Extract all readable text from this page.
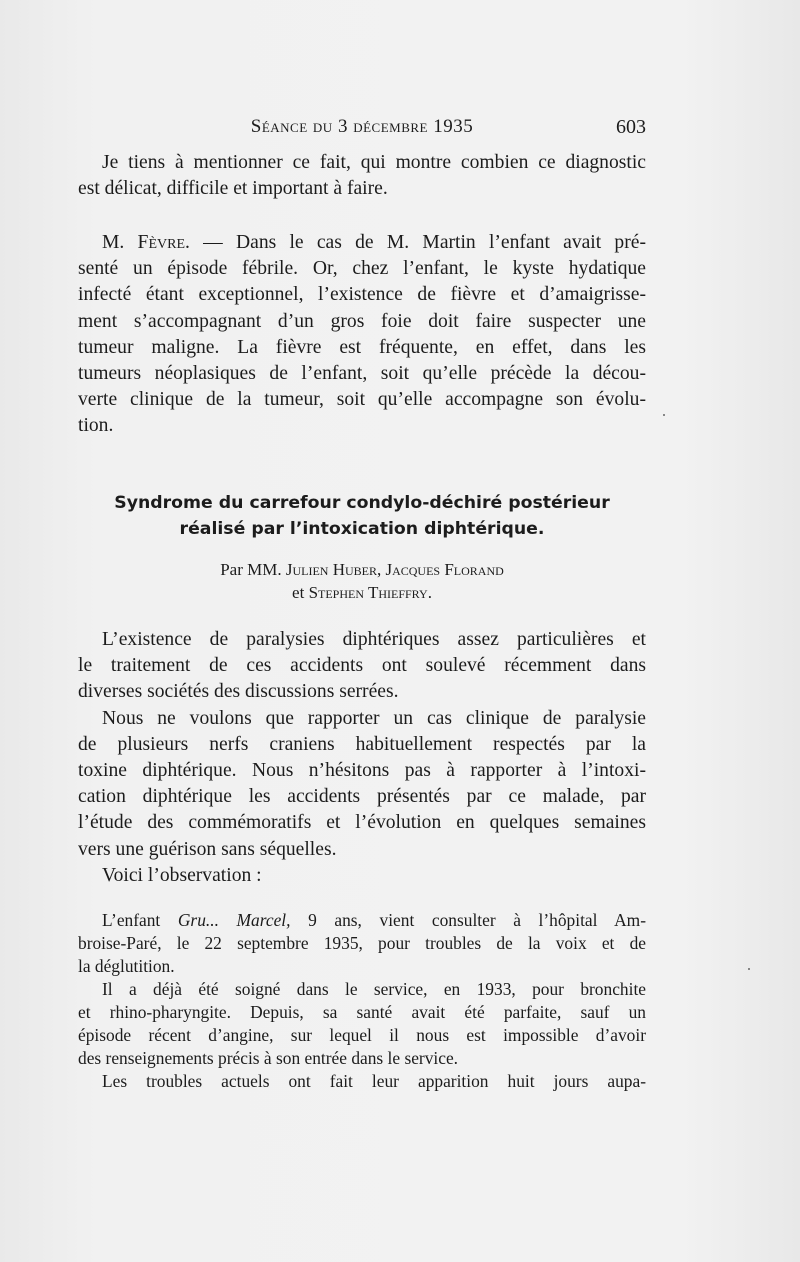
Séance du 3 décembre 1935	603
Je tiens à mentionner ce fait, qui montre combien ce diagnostic
est délicat, difficile et important à faire.
M. Fèvre. — Dans le cas de M. Martin l’enfant avait pré-
senté un épisode fébrile. Or, chez l’enfant, le kyste hydatique
infecté étant exceptionnel, l’existence de fièvre et d’amaigrisse-
ment s’accompagnant d’un gros foie doit faire suspecter une
tumeur maligne. La fièvre est fréquente, en effet, dans les
tumeurs néoplasiques de l’enfant, soit qu’elle précède la décou-
verte clinique de la tumeur, soit qu’elle accompagne son évolu-
tion.
Syndrome du carrefour condylo-déchiré postérieur
réalisé par l’intoxication diphtérique.
Par MM. Julien Huber, Jacques Florand
et Stephen Thieffry.
L’existence de paralysies diphtériques assez particulières et
le traitement de ces accidents ont soulevé récemment dans
diverses sociétés des discussions serrées.
Nous ne voulons que rapporter un cas clinique de paralysie
de plusieurs nerfs craniens habituellement respectés par la
toxine diphtérique. Nous n’hésitons pas à rapporter à l’intoxi-
cation diphtérique les accidents présentés par ce malade, par
l’étude des commémoratifs et l’évolution en quelques semaines
vers une guérison sans séquelles.
Voici l’observation :
L’enfant Gru... Marcel, 9 ans, vient consulter à l’hôpital Am-
broise-Paré, le 22 septembre 1935, pour troubles de la voix et de
la déglutition.
Il a déjà été soigné dans le service, en 1933, pour bronchite
et rhino-pharyngite. Depuis, sa santé avait été parfaite, sauf un
épisode récent d’angine, sur lequel il nous est impossible d’avoir
des renseignements précis à son entrée dans le service.
Les troubles actuels ont fait leur apparition huit jours aupa-
